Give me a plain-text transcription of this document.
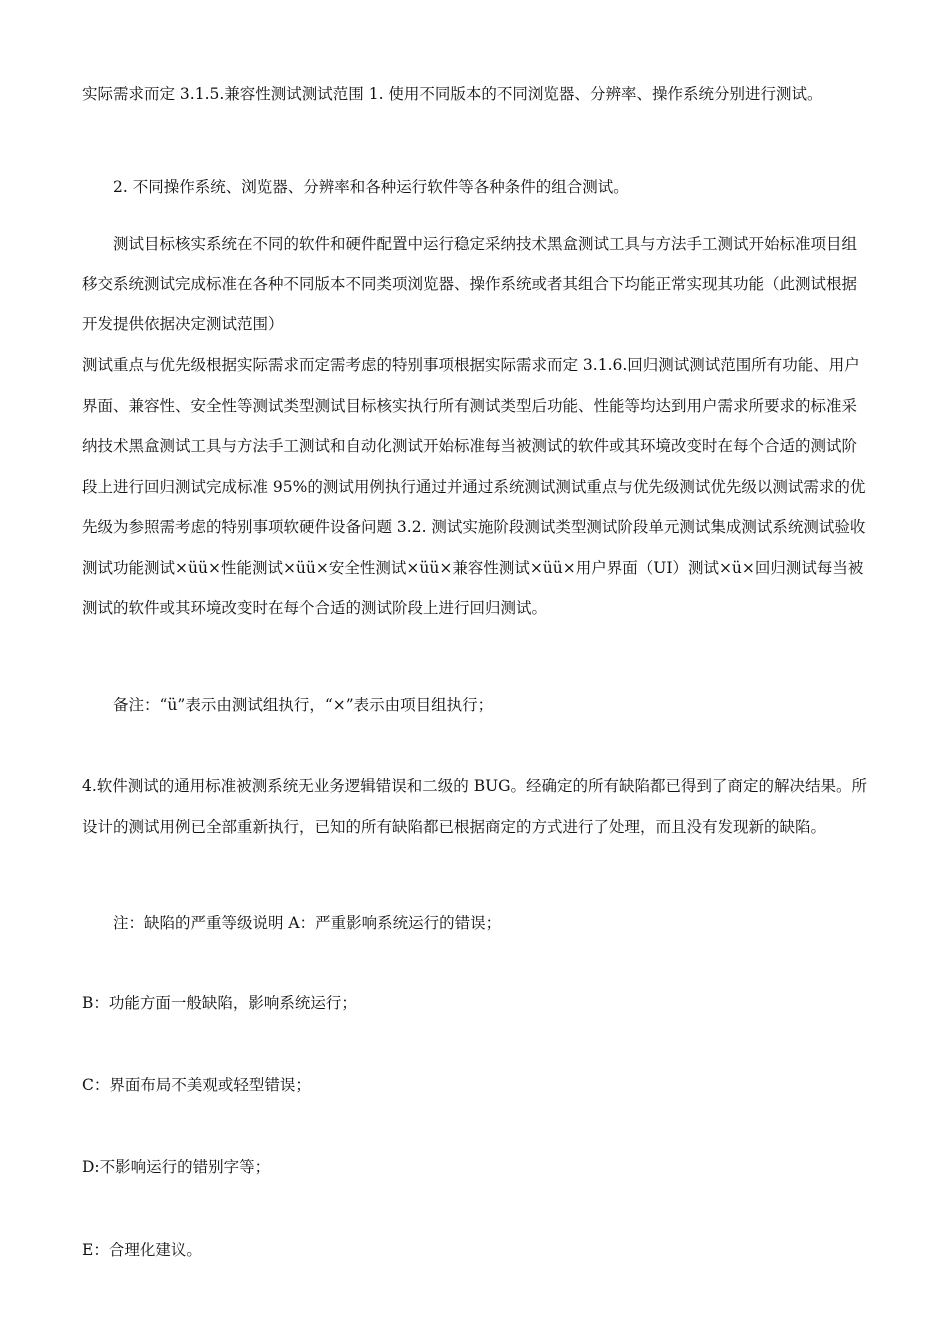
实际需求而定 3.1.5.兼容性测试测试范围 1. 使用不同版本的不同浏览器、分辨率、操作系统分别进行测试。

2. 不同操作系统、浏览器、分辨率和各种运行软件等各种条件的组合测试。

测试目标核实系统在不同的软件和硬件配置中运行稳定采纳技术黑盒测试工具与方法手工测试开始标准项目组移交系统测试完成标准在各种不同版本不同类项浏览器、操作系统或者其组合下均能正常实现其功能（此测试根据开发提供依据决定测试范围）

测试重点与优先级根据实际需求而定需考虑的特别事项根据实际需求而定 3.1.6.回归测试测试范围所有功能、用户界面、兼容性、安全性等测试类型测试目标核实执行所有测试类型后功能、性能等均达到用户需求所要求的标准采纳技术黑盒测试工具与方法手工测试和自动化测试开始标准每当被测试的软件或其环境改变时在每个合适的测试阶段上进行回归测试完成标准 95%的测试用例执行通过并通过系统测试测试重点与优先级测试优先级以测试需求的优先级为参照需考虑的特别事项软硬件设备问题 3.2. 测试实施阶段测试类型测试阶段单元测试集成测试系统测试验收测试功能测试×üü×性能测试×üü×安全性测试×üü×兼容性测试×üü×用户界面（UI）测试×ü×回归测试每当被测试的软件或其环境改变时在每个合适的测试阶段上进行回归测试。

备注：“ü”表示由测试组执行，“×”表示由项目组执行；

4.软件测试的通用标准被测系统无业务逻辑错误和二级的 BUG。经确定的所有缺陷都已得到了商定的解决结果。所设计的测试用例已全部重新执行，已知的所有缺陷都已根据商定的方式进行了处理，而且没有发现新的缺陷。

注：缺陷的严重等级说明 A：严重影响系统运行的错误；

B：功能方面一般缺陷，影响系统运行；

C：界面布局不美观或轻型错误；

D:不影响运行的错别字等；

E：合理化建议。
